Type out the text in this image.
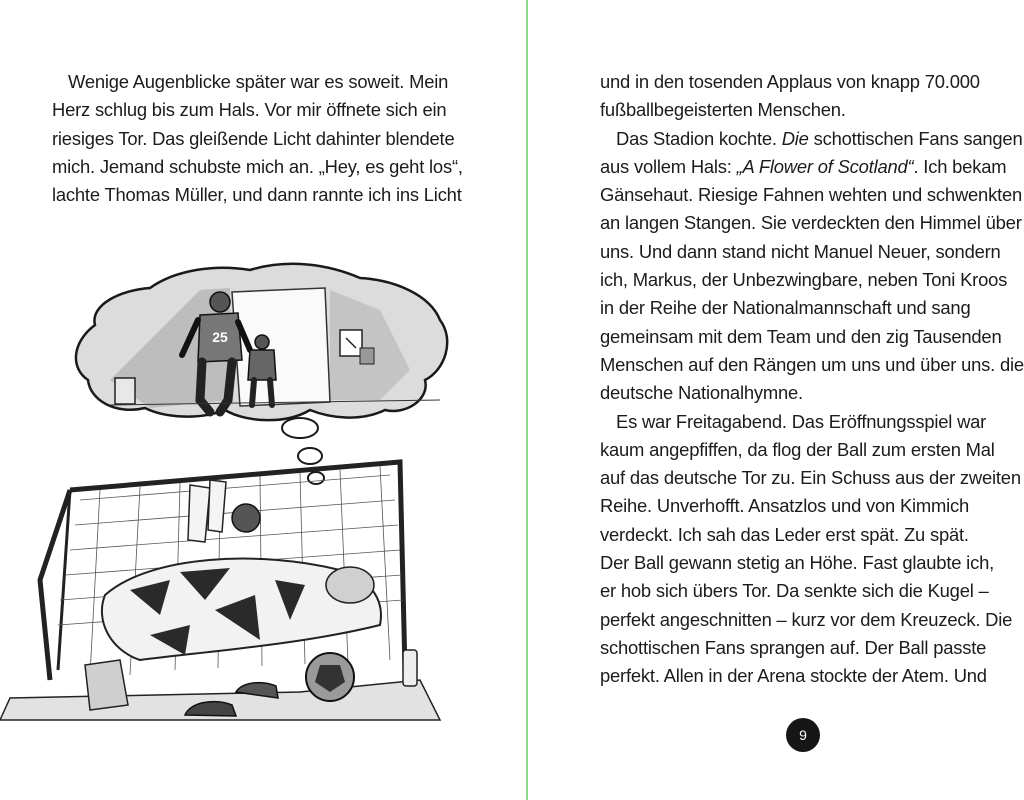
Wenige Augenblicke später war es soweit. Mein
Herz schlug bis zum Hals. Vor mir öffnete sich ein
riesiges Tor. Das gleißende Licht dahinter blendete
mich. Jemand schubste mich an. „Hey, es geht los“,
lachte Thomas Müller, und dann rannte ich ins Licht
25
und in den tosenden Applaus von knapp 70.000
fußballbegeisterten Menschen.
Das Stadion kochte. Die schottischen Fans sangen
aus vollem Hals: „A Flower of Scotland“. Ich bekam
Gänsehaut. Riesige Fahnen wehten und schwenkten
an langen Stangen. Sie verdeckten den Himmel über
uns. Und dann stand nicht Manuel Neuer, sondern
ich, Markus, der Unbezwingbare, neben Toni Kroos
in der Reihe der Nationalmannschaft und sang
gemeinsam mit dem Team und den zig Tausenden
Menschen auf den Rängen um uns und über uns. die
deutsche Nationalhymne.
Es war Freitagabend. Das Eröffnungsspiel war
kaum angepfiffen, da flog der Ball zum ersten Mal
auf das deutsche Tor zu. Ein Schuss aus der zweiten
Reihe. Unverhofft. Ansatzlos und von Kimmich
verdeckt. Ich sah das Leder erst spät. Zu spät.
Der Ball gewann stetig an Höhe. Fast glaubte ich,
er hob sich übers Tor. Da senkte sich die Kugel –
perfekt angeschnitten – kurz vor dem Kreuzeck. Die
schottischen Fans sprangen auf. Der Ball passte
perfekt. Allen in der Arena stockte der Atem. Und
9
